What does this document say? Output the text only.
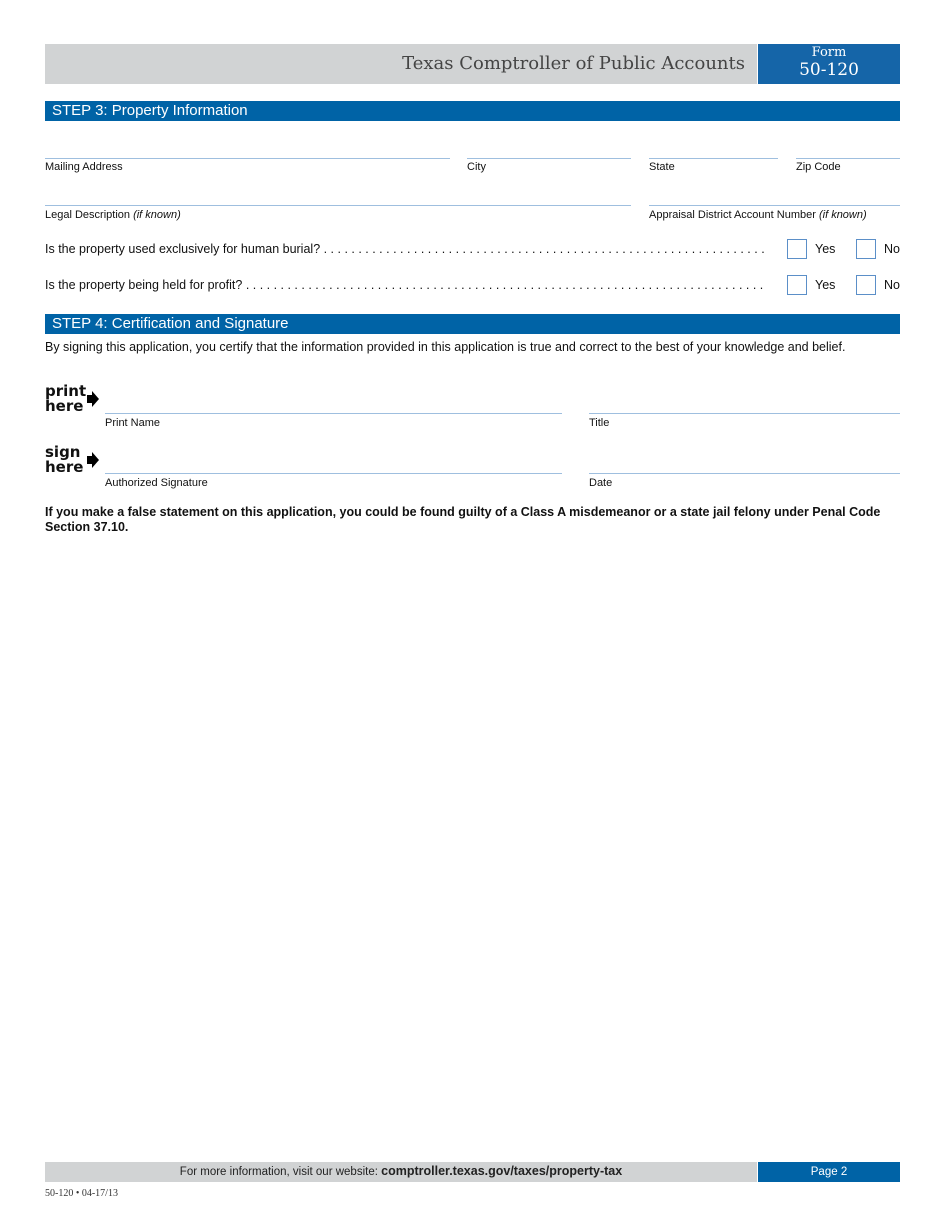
Texas Comptroller of Public Accounts
Form
50-120
STEP 3: Property Information
Mailing Address	City	State	Zip Code
Legal Description (if known)	Appraisal District Account Number (if known)
Is the property used exclusively for human burial? . . .	Yes	No
Is the property being held for profit? . . .	Yes	No
STEP 4: Certification and Signature
By signing this application, you certify that the information provided in this application is true and correct to the best of your knowledge and belief.
print
here
Print Name	Title
sign
here
Authorized Signature	Date
If you make a false statement on this application, you could be found guilty of a Class A misdemeanor or a state jail felony under Penal Code Section 37.10.
For more information, visit our website: comptroller.texas.gov/taxes/property-tax	Page 2
50-120 • 04-17/13
